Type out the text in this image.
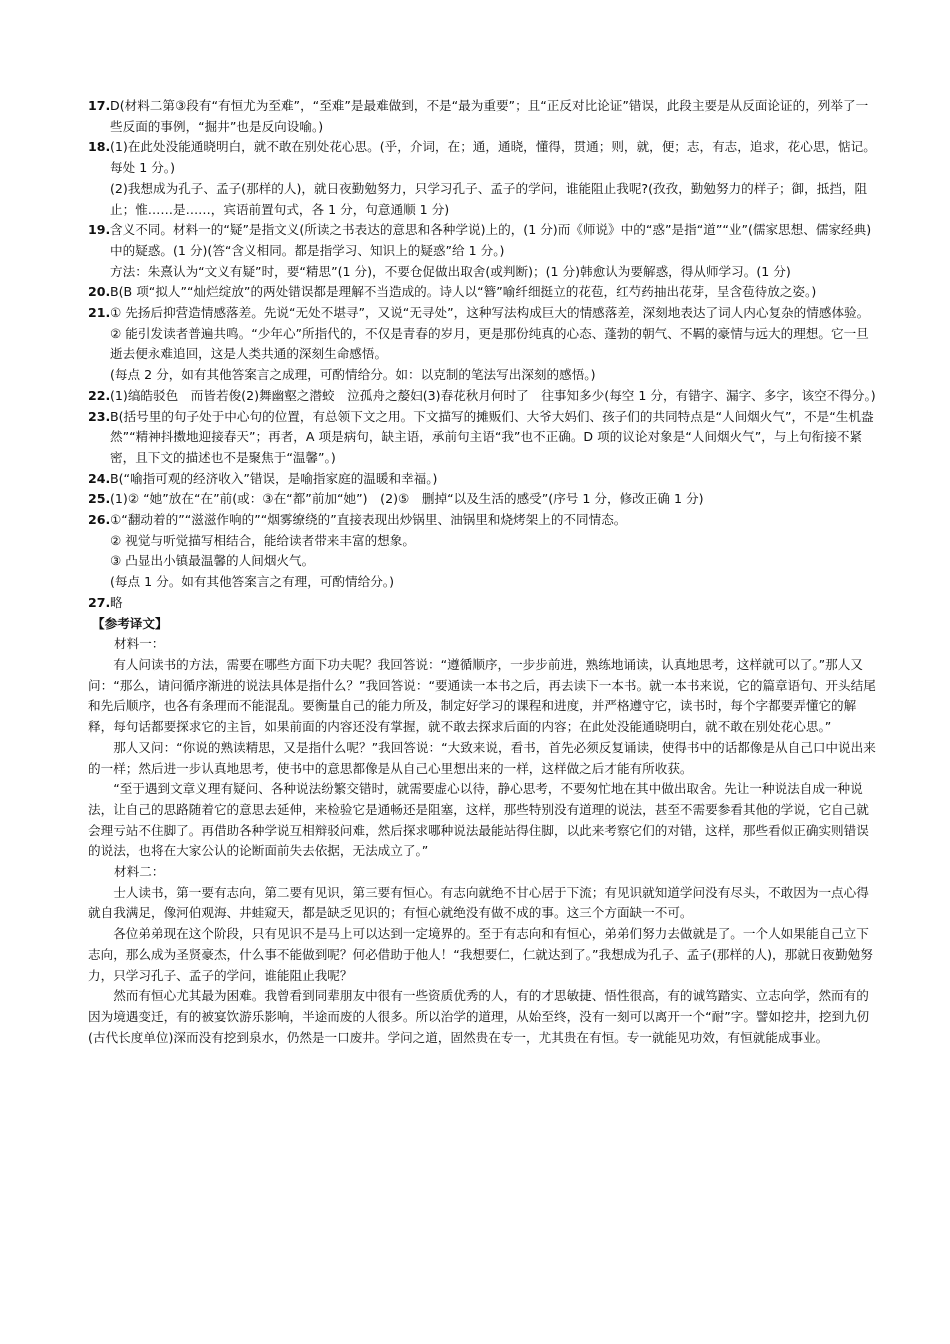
17. D(材料二第③段有“有恒尤为至难”，“至难”是最难做到，不是“最为重要”；且“正反对比论证”错误，此段主要是从反面论证的，列举了一些反面的事例，“掘井”也是反向设喻。)
18. (1)在此处没能通晓明白，就不敢在别处花心思。(乎，介词，在；通，通晓，懂得，贯通；则，就，便；志，有志，追求，花心思，惦记。每处 1 分。)
(2)我想成为孔子、孟子(那样的人)，就日夜勤勉努力，只学习孔子、孟子的学问，谁能阻止我呢?(孜孜，勤勉努力的样子；御，抵挡，阻止；惟……是……，宾语前置句式，各 1 分，句意通顺 1 分)
19. 含义不同。材料一的“疑”是指文义(所读之书表达的意思和各种学说)上的，(1 分)而《师说》中的“惑”是指“道”“业”(儒家思想、儒家经典)中的疑惑。(1 分)(答“含义相同。都是指学习、知识上的疑惑”给 1 分。)
方法：朱熹认为“文义有疑”时，要“精思”(1 分)，不要仓促做出取舍(或判断)；(1 分)韩愈认为要解惑，得从师学习。(1 分)
20. B(B 项“拟人”“灿烂绽放”的两处错误都是理解不当造成的。诗人以“簪”喻纤细挺立的花苞，红芍药抽出花芽，呈含苞待放之姿。)
21. ① 先扬后抑营造情感落差。先说“无处不堪寻”，又说“无寻处”，这种写法构成巨大的情感落差，深刻地表达了词人内心复杂的情感体验。
② 能引发读者普遍共鸣。“少年心”所指代的，不仅是青春的岁月，更是那份纯真的心态、蓬勃的朝气、不羁的豪情与远大的理想。它一旦逝去便永难追回，这是人类共通的深刻生命感悟。
(每点 2 分，如有其他答案言之成理，可酌情给分。如：以克制的笔法写出深刻的感悟。)
22. (1)缟皓驳色　而皆若俊(2)舞幽壑之潜蛟　泣孤舟之嫠妇(3)春花秋月何时了　往事知多少(每空 1 分，有错字、漏字、多字，该空不得分。)
23. B(括号里的句子处于中心句的位置，有总领下文之用。下文描写的摊贩们、大爷大妈们、孩子们的共同特点是“人间烟火气”，不是“生机盎然”“精神抖擞地迎接春天”；再者，A 项是病句，缺主语，承前句主语“我”也不正确。D 项的议论对象是“人间烟火气”，与上句衔接不紧密，且下文的描述也不是聚焦于“温馨”。)
24. B(“喻指可观的经济收入”错误，是喻指家庭的温暖和幸福。)
25. (1)② “她”放在“在”前(或：③在“都”前加“她”)　(2)⑤　删掉“以及生活的感受”(序号 1 分，修改正确 1 分)
26. ①“翻动着的”“滋滋作响的”“烟雾缭绕的”直接表现出炒锅里、油锅里和烧烤架上的不同情态。
② 视觉与听觉描写相结合，能给读者带来丰富的想象。
③ 凸显出小镇最温馨的人间烟火气。
(每点 1 分。如有其他答案言之有理，可酌情给分。)
27. 略
【参考译文】
材料一：
有人问读书的方法，需要在哪些方面下功夫呢？我回答说：“遵循顺序，一步步前进，熟练地诵读，认真地思考，这样就可以了。”那人又问：“那么，请问循序渐进的说法具体是指什么？”我回答说：“要通读一本书之后，再去读下一本书。就一本书来说，它的篇章语句、开头结尾和先后顺序，也各有条理而不能混乱。要衡量自己的能力所及，制定好学习的课程和进度，并严格遵守它，读书时，每个字都要弄懂它的解释，每句话都要探求它的主旨，如果前面的内容还没有掌握，就不敢去探求后面的内容；在此处没能通晓明白，就不敢在别处花心思。”
那人又问：“你说的熟读精思，又是指什么呢？”我回答说：“大致来说，看书，首先必须反复诵读，使得书中的话都像是从自己口中说出来的一样；然后进一步认真地思考，使书中的意思都像是从自己心里想出来的一样，这样做之后才能有所收获。
“至于遇到文章义理有疑问、各种说法纷繁交错时，就需要虚心以待，静心思考，不要匆忙地在其中做出取舍。先让一种说法自成一种说法，让自己的思路随着它的意思去延伸，来检验它是通畅还是阻塞，这样，那些特别没有道理的说法，甚至不需要参看其他的学说，它自己就会理亏站不住脚了。再借助各种学说互相辩驳问难，然后探求哪种说法最能站得住脚，以此来考察它们的对错，这样，那些看似正确实则错误的说法，也将在大家公认的论断面前失去依据，无法成立了。”
材料二：
士人读书，第一要有志向，第二要有见识，第三要有恒心。有志向就绝不甘心居于下流；有见识就知道学问没有尽头，不敢因为一点心得就自我满足，像河伯观海、井蛙窥天，都是缺乏见识的；有恒心就绝没有做不成的事。这三个方面缺一不可。
各位弟弟现在这个阶段，只有见识不是马上可以达到一定境界的。至于有志向和有恒心，弟弟们努力去做就是了。一个人如果能自己立下志向，那么成为圣贤豪杰，什么事不能做到呢？何必借助于他人！“我想要仁，仁就达到了。”我想成为孔子、孟子(那样的人)，那就日夜勤勉努力，只学习孔子、孟子的学问，谁能阻止我呢？
然而有恒心尤其最为困难。我曾看到同辈朋友中很有一些资质优秀的人，有的才思敏捷、悟性很高，有的诚笃踏实、立志向学，然而有的因为境遇变迁，有的被宴饮游乐影响，半途而废的人很多。所以治学的道理，从始至终，没有一刻可以离开一个“耐”字。譬如挖井，挖到九仞(古代长度单位)深而没有挖到泉水，仍然是一口废井。学问之道，固然贵在专一，尤其贵在有恒。专一就能见功效，有恒就能成事业。
